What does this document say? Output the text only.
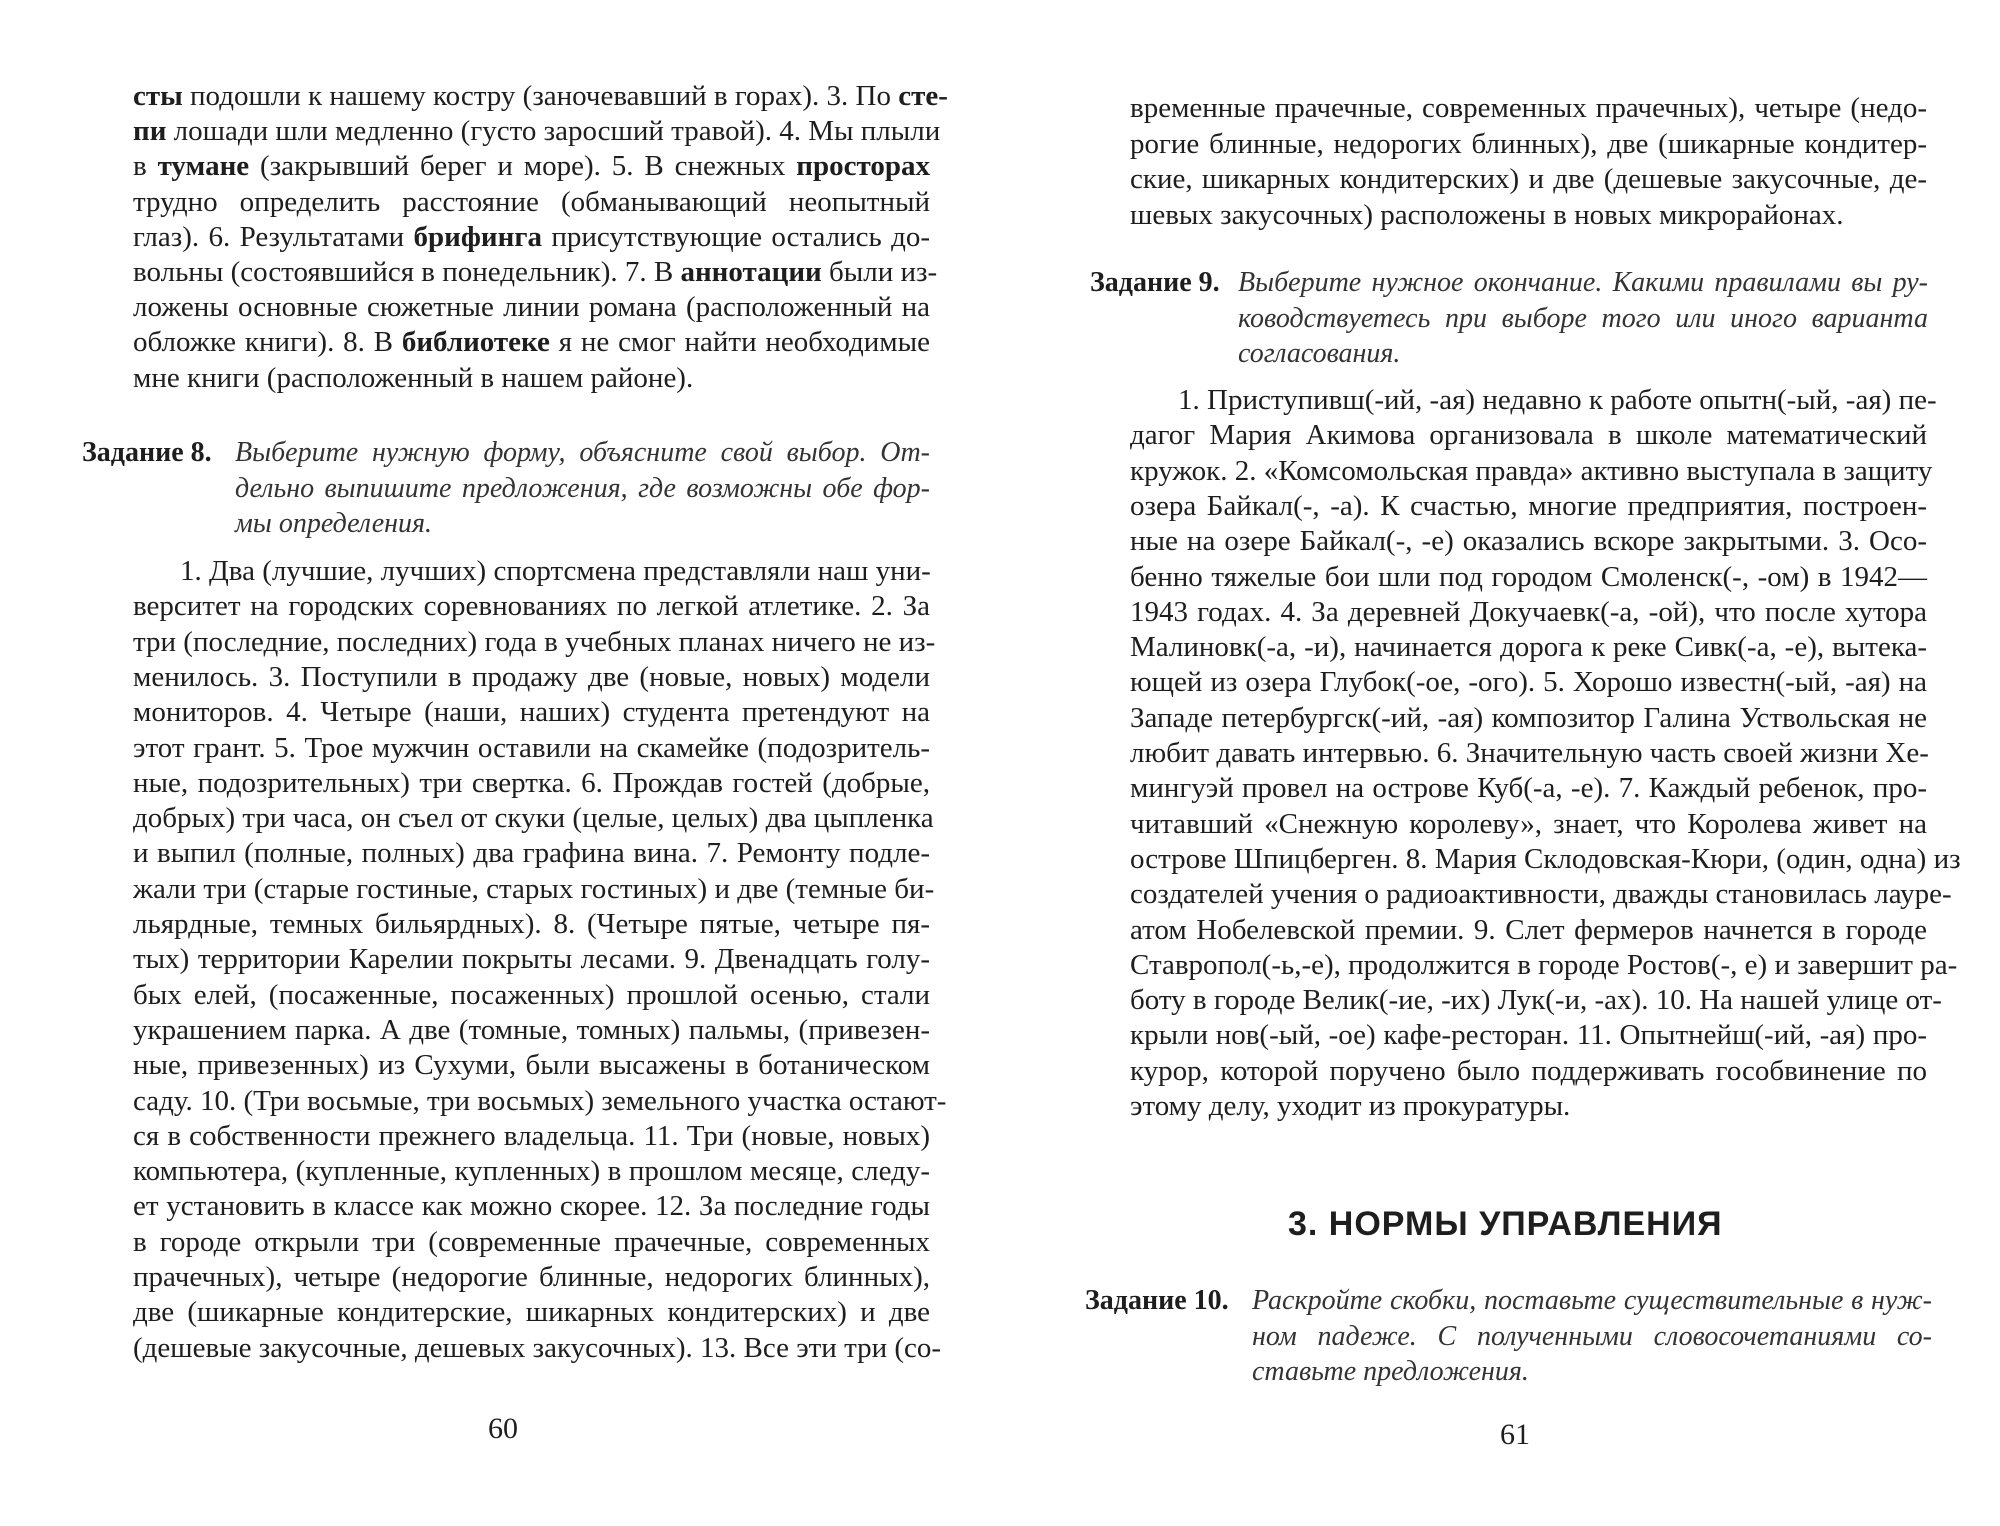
сты подошли к нашему костру (заночевавший в горах). 3. По сте-
пи лошади шли медленно (густо заросший травой). 4. Мы плыли
в тумане (закрывший берег и море). 5. В снежных просторах
трудно определить расстояние (обманывающий неопытный
глаз). 6. Результатами брифинга присутствующие остались до-
вольны (состоявшийся в понедельник). 7. В аннотации были из-
ложены основные сюжетные линии романа (расположенный на
обложке книги). 8. В библиотеке я не смог найти необходимые
мне книги (расположенный в нашем районе).
Задание 8. Выберите нужную форму, объясните свой выбор. От-
дельно выпишите предложения, где возможны обе фор-
мы определения.
1. Два (лучшие, лучших) спортсмена представляли наш уни-
верситет на городских соревнованиях по легкой атлетике. 2. За
три (последние, последних) года в учебных планах ничего не из-
менилось. 3. Поступили в продажу две (новые, новых) модели
мониторов. 4. Четыре (наши, наших) студента претендуют на
этот грант. 5. Трое мужчин оставили на скамейке (подозритель-
ные, подозрительных) три свертка. 6. Прождав гостей (добрые,
добрых) три часа, он съел от скуки (целые, целых) два цыпленка
и выпил (полные, полных) два графина вина. 7. Ремонту подле-
жали три (старые гостиные, старых гостиных) и две (темные би-
льярдные, темных бильярдных). 8. (Четыре пятые, четыре пя-
тых) территории Карелии покрыты лесами. 9. Двенадцать голу-
бых елей, (посаженные, посаженных) прошлой осенью, стали
украшением парка. А две (томные, томных) пальмы, (привезен-
ные, привезенных) из Сухуми, были высажены в ботаническом
саду. 10. (Три восьмые, три восьмых) земельного участка остают-
ся в собственности прежнего владельца. 11. Три (новые, новых)
компьютера, (купленные, купленных) в прошлом месяце, следу-
ет установить в классе как можно скорее. 12. За последние годы
в городе открыли три (современные прачечные, современных
прачечных), четыре (недорогие блинные, недорогих блинных),
две (шикарные кондитерские, шикарных кондитерских) и две
(дешевые закусочные, дешевых закусочных). 13. Все эти три (со-
60
временные прачечные, современных прачечных), четыре (недо-
рогие блинные, недорогих блинных), две (шикарные кондитер-
ские, шикарных кондитерских) и две (дешевые закусочные, де-
шевых закусочных) расположены в новых микрорайонах.
Задание 9. Выберите нужное окончание. Какими правилами вы ру-
ководствуетесь при выборе того или иного варианта
согласования.
1. Приступивш(-ий, -ая) недавно к работе опытн(-ый, -ая) пе-
дагог Мария Акимова организовала в школе математический
кружок. 2. «Комсомольская правда» активно выступала в защиту
озера Байкал(-, -а). К счастью, многие предприятия, построен-
ные на озере Байкал(-, -е) оказались вскоре закрытыми. 3. Осо-
бенно тяжелые бои шли под городом Смоленск(-, -ом) в 1942—
1943 годах. 4. За деревней Докучаевк(-а, -ой), что после хутора
Малиновк(-а, -и), начинается дорога к реке Сивк(-а, -е), вытека-
ющей из озера Глубок(-ое, -ого). 5. Хорошо известн(-ый, -ая) на
Западе петербургск(-ий, -ая) композитор Галина Уствольская не
любит давать интервью. 6. Значительную часть своей жизни Хе-
мингуэй провел на острове Куб(-а, -е). 7. Каждый ребенок, про-
читавший «Снежную королеву», знает, что Королева живет на
острове Шпицберген. 8. Мария Склодовская-Кюри, (один, одна) из
создателей учения о радиоактивности, дважды становилась лауре-
атом Нобелевской премии. 9. Слет фермеров начнется в городе
Ставропол(-ь,-е), продолжится в городе Ростов(-, е) и завершит ра-
боту в городе Велик(-ие, -их) Лук(-и, -ах). 10. На нашей улице от-
крыли нов(-ый, -ое) кафе-ресторан. 11. Опытнейш(-ий, -ая) про-
курор, которой поручено было поддерживать гособвинение по
этому делу, уходит из прокуратуры.
3. НОРМЫ УПРАВЛЕНИЯ
Задание 10. Раскройте скобки, поставьте существительные в нуж-
ном падеже. С полученными словосочетаниями со-
ставьте предложения.
61
